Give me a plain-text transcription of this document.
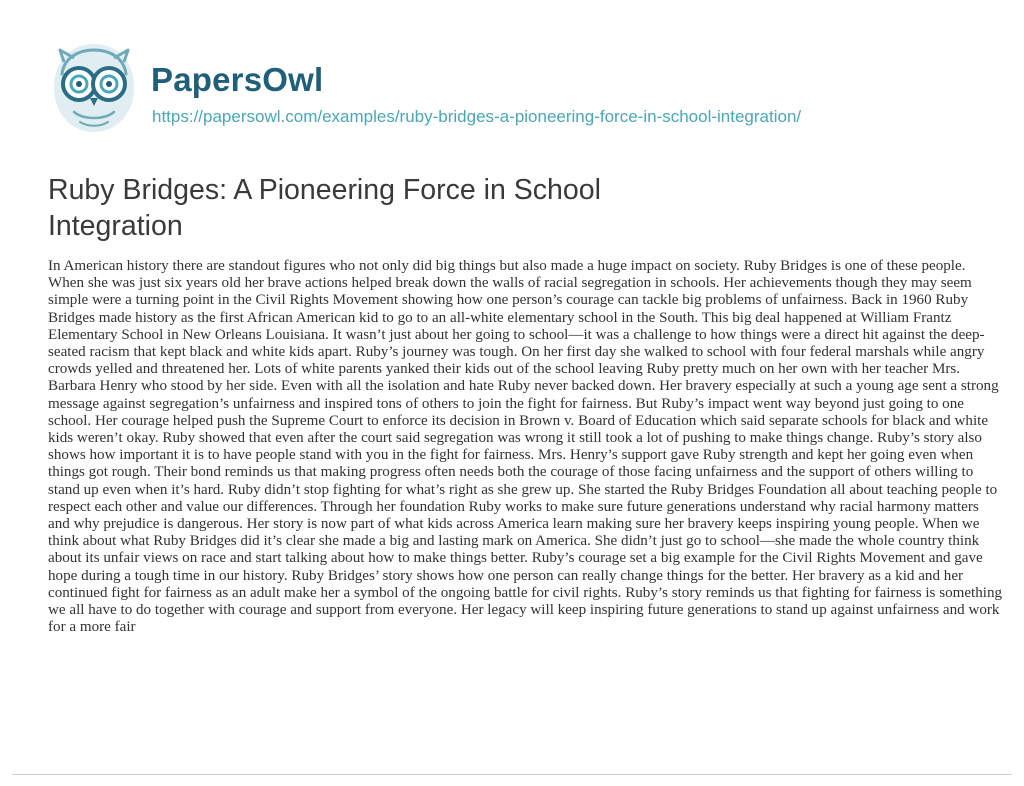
PapersOwl
https://papersowl.com/examples/ruby-bridges-a-pioneering-force-in-school-integration/
Ruby Bridges: A Pioneering Force in School Integration

In American history there are standout figures who not only did big things but also made a huge impact on society. Ruby Bridges is one of these people. When she was just six years old her brave actions helped break down the walls of racial segregation in schools. Her achievements though they may seem simple were a turning point in the Civil Rights Movement showing how one person’s courage can tackle big problems of unfairness. Back in 1960 Ruby Bridges made history as the first African American kid to go to an all-white elementary school in the South. This big deal happened at William Frantz Elementary School in New Orleans Louisiana. It wasn’t just about her going to school—it was a challenge to how things were a direct hit against the deep-seated racism that kept black and white kids apart. Ruby’s journey was tough. On her first day she walked to school with four federal marshals while angry crowds yelled and threatened her. Lots of white parents yanked their kids out of the school leaving Ruby pretty much on her own with her teacher Mrs. Barbara Henry who stood by her side. Even with all the isolation and hate Ruby never backed down. Her bravery especially at such a young age sent a strong message against segregation’s unfairness and inspired tons of others to join the fight for fairness. But Ruby’s impact went way beyond just going to one school. Her courage helped push the Supreme Court to enforce its decision in Brown v. Board of Education which said separate schools for black and white kids weren’t okay. Ruby showed that even after the court said segregation was wrong it still took a lot of pushing to make things change. Ruby’s story also shows how important it is to have people stand with you in the fight for fairness. Mrs. Henry’s support gave Ruby strength and kept her going even when things got rough. Their bond reminds us that making progress often needs both the courage of those facing unfairness and the support of others willing to stand up even when it’s hard. Ruby didn’t stop fighting for what’s right as she grew up. She started the Ruby Bridges Foundation all about teaching people to respect each other and value our differences. Through her foundation Ruby works to make sure future generations understand why racial harmony matters and why prejudice is dangerous. Her story is now part of what kids across America learn making sure her bravery keeps inspiring young people. When we think about what Ruby Bridges did it’s clear she made a big and lasting mark on America. She didn’t just go to school—she made the whole country think about its unfair views on race and start talking about how to make things better. Ruby’s courage set a big example for the Civil Rights Movement and gave hope during a tough time in our history. Ruby Bridges’ story shows how one person can really change things for the better. Her bravery as a kid and her continued fight for fairness as an adult make her a symbol of the ongoing battle for civil rights. Ruby’s story reminds us that fighting for fairness is something we all have to do together with courage and support from everyone. Her legacy will keep inspiring future generations to stand up against unfairness and work for a more fair
